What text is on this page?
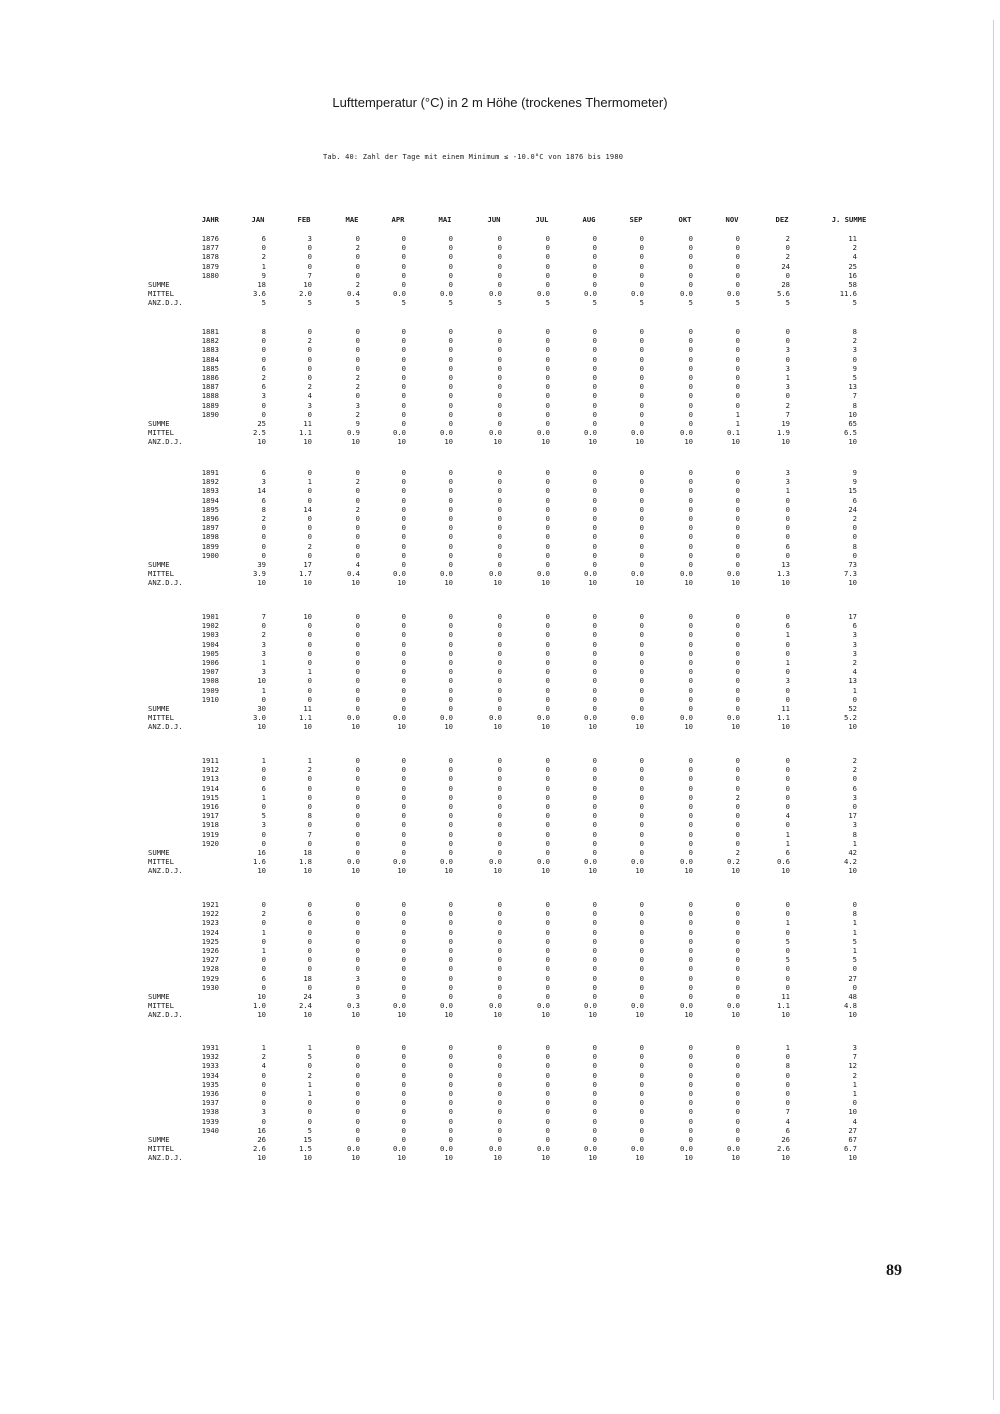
Lufttemperatur (°C) in 2 m Höhe (trockenes Thermometer)
Tab. 40: Zahl der Tage mit einem Minimum ≤ -10.0°C von 1876 bis 1980
JAHR	JAN	FEB	MAE	APR	MAI	JUN	JUL	AUG	SEP	OKT	NOV	DEZ	J. SUMME
1876	6	3	0	0	0	0	0	0	0	0	0	2	11
1877	0	0	2	0	0	0	0	0	0	0	0	0	2
1878	2	0	0	0	0	0	0	0	0	0	0	2	4
1879	1	0	0	0	0	0	0	0	0	0	0	24	25
1880	9	7	0	0	0	0	0	0	0	0	0	0	16
SUMME	18	10	2	0	0	0	0	0	0	0	0	28	58
MITTEL	3.6	2.0	0.4	0.0	0.0	0.0	0.0	0.0	0.0	0.0	0.0	5.6	11.6
ANZ.D.J.	5	5	5	5	5	5	5	5	5	5	5	5	5
1881	8	0	0	0	0	0	0	0	0	0	0	0	8
1882	0	2	0	0	0	0	0	0	0	0	0	0	2
1883	0	0	0	0	0	0	0	0	0	0	0	3	3
1884	0	0	0	0	0	0	0	0	0	0	0	0	0
1885	6	0	0	0	0	0	0	0	0	0	0	3	9
1886	2	0	2	0	0	0	0	0	0	0	0	1	5
1887	6	2	2	0	0	0	0	0	0	0	0	3	13
1888	3	4	0	0	0	0	0	0	0	0	0	0	7
1889	0	3	3	0	0	0	0	0	0	0	0	2	8
1890	0	0	2	0	0	0	0	0	0	0	1	7	10
SUMME	25	11	9	0	0	0	0	0	0	0	1	19	65
MITTEL	2.5	1.1	0.9	0.0	0.0	0.0	0.0	0.0	0.0	0.0	0.1	1.9	6.5
ANZ.D.J.	10	10	10	10	10	10	10	10	10	10	10	10	10
1891	6	0	0	0	0	0	0	0	0	0	0	3	9
1892	3	1	2	0	0	0	0	0	0	0	0	3	9
1893	14	0	0	0	0	0	0	0	0	0	0	1	15
1894	6	0	0	0	0	0	0	0	0	0	0	0	6
1895	8	14	2	0	0	0	0	0	0	0	0	0	24
1896	2	0	0	0	0	0	0	0	0	0	0	0	2
1897	0	0	0	0	0	0	0	0	0	0	0	0	0
1898	0	0	0	0	0	0	0	0	0	0	0	0	0
1899	0	2	0	0	0	0	0	0	0	0	0	6	8
1900	0	0	0	0	0	0	0	0	0	0	0	0	0
SUMME	39	17	4	0	0	0	0	0	0	0	0	13	73
MITTEL	3.9	1.7	0.4	0.0	0.0	0.0	0.0	0.0	0.0	0.0	0.0	1.3	7.3
ANZ.D.J.	10	10	10	10	10	10	10	10	10	10	10	10	10
1901	7	10	0	0	0	0	0	0	0	0	0	0	17
1902	0	0	0	0	0	0	0	0	0	0	0	6	6
1903	2	0	0	0	0	0	0	0	0	0	0	1	3
1904	3	0	0	0	0	0	0	0	0	0	0	0	3
1905	3	0	0	0	0	0	0	0	0	0	0	0	3
1906	1	0	0	0	0	0	0	0	0	0	0	1	2
1907	3	1	0	0	0	0	0	0	0	0	0	0	4
1908	10	0	0	0	0	0	0	0	0	0	0	3	13
1909	1	0	0	0	0	0	0	0	0	0	0	0	1
1910	0	0	0	0	0	0	0	0	0	0	0	0	0
SUMME	30	11	0	0	0	0	0	0	0	0	0	11	52
MITTEL	3.0	1.1	0.0	0.0	0.0	0.0	0.0	0.0	0.0	0.0	0.0	1.1	5.2
ANZ.D.J.	10	10	10	10	10	10	10	10	10	10	10	10	10
1911	1	1	0	0	0	0	0	0	0	0	0	0	2
1912	0	2	0	0	0	0	0	0	0	0	0	0	2
1913	0	0	0	0	0	0	0	0	0	0	0	0	0
1914	6	0	0	0	0	0	0	0	0	0	0	0	6
1915	1	0	0	0	0	0	0	0	0	0	2	0	3
1916	0	0	0	0	0	0	0	0	0	0	0	0	0
1917	5	8	0	0	0	0	0	0	0	0	0	4	17
1918	3	0	0	0	0	0	0	0	0	0	0	0	3
1919	0	7	0	0	0	0	0	0	0	0	0	1	8
1920	0	0	0	0	0	0	0	0	0	0	0	1	1
SUMME	16	18	0	0	0	0	0	0	0	0	2	6	42
MITTEL	1.6	1.8	0.0	0.0	0.0	0.0	0.0	0.0	0.0	0.0	0.2	0.6	4.2
ANZ.D.J.	10	10	10	10	10	10	10	10	10	10	10	10	10
1921	0	0	0	0	0	0	0	0	0	0	0	0	0
1922	2	6	0	0	0	0	0	0	0	0	0	0	8
1923	0	0	0	0	0	0	0	0	0	0	0	1	1
1924	1	0	0	0	0	0	0	0	0	0	0	0	1
1925	0	0	0	0	0	0	0	0	0	0	0	5	5
1926	1	0	0	0	0	0	0	0	0	0	0	0	1
1927	0	0	0	0	0	0	0	0	0	0	0	5	5
1928	0	0	0	0	0	0	0	0	0	0	0	0	0
1929	6	18	3	0	0	0	0	0	0	0	0	0	27
1930	0	0	0	0	0	0	0	0	0	0	0	0	0
SUMME	10	24	3	0	0	0	0	0	0	0	0	11	48
MITTEL	1.0	2.4	0.3	0.0	0.0	0.0	0.0	0.0	0.0	0.0	0.0	1.1	4.8
ANZ.D.J.	10	10	10	10	10	10	10	10	10	10	10	10	10
1931	1	1	0	0	0	0	0	0	0	0	0	1	3
1932	2	5	0	0	0	0	0	0	0	0	0	0	7
1933	4	0	0	0	0	0	0	0	0	0	0	8	12
1934	0	2	0	0	0	0	0	0	0	0	0	0	2
1935	0	1	0	0	0	0	0	0	0	0	0	0	1
1936	0	1	0	0	0	0	0	0	0	0	0	0	1
1937	0	0	0	0	0	0	0	0	0	0	0	0	0
1938	3	0	0	0	0	0	0	0	0	0	0	7	10
1939	0	0	0	0	0	0	0	0	0	0	0	4	4
1940	16	5	0	0	0	0	0	0	0	0	0	6	27
SUMME	26	15	0	0	0	0	0	0	0	0	0	26	67
MITTEL	2.6	1.5	0.0	0.0	0.0	0.0	0.0	0.0	0.0	0.0	0.0	2.6	6.7
ANZ.D.J.	10	10	10	10	10	10	10	10	10	10	10	10	10
89
